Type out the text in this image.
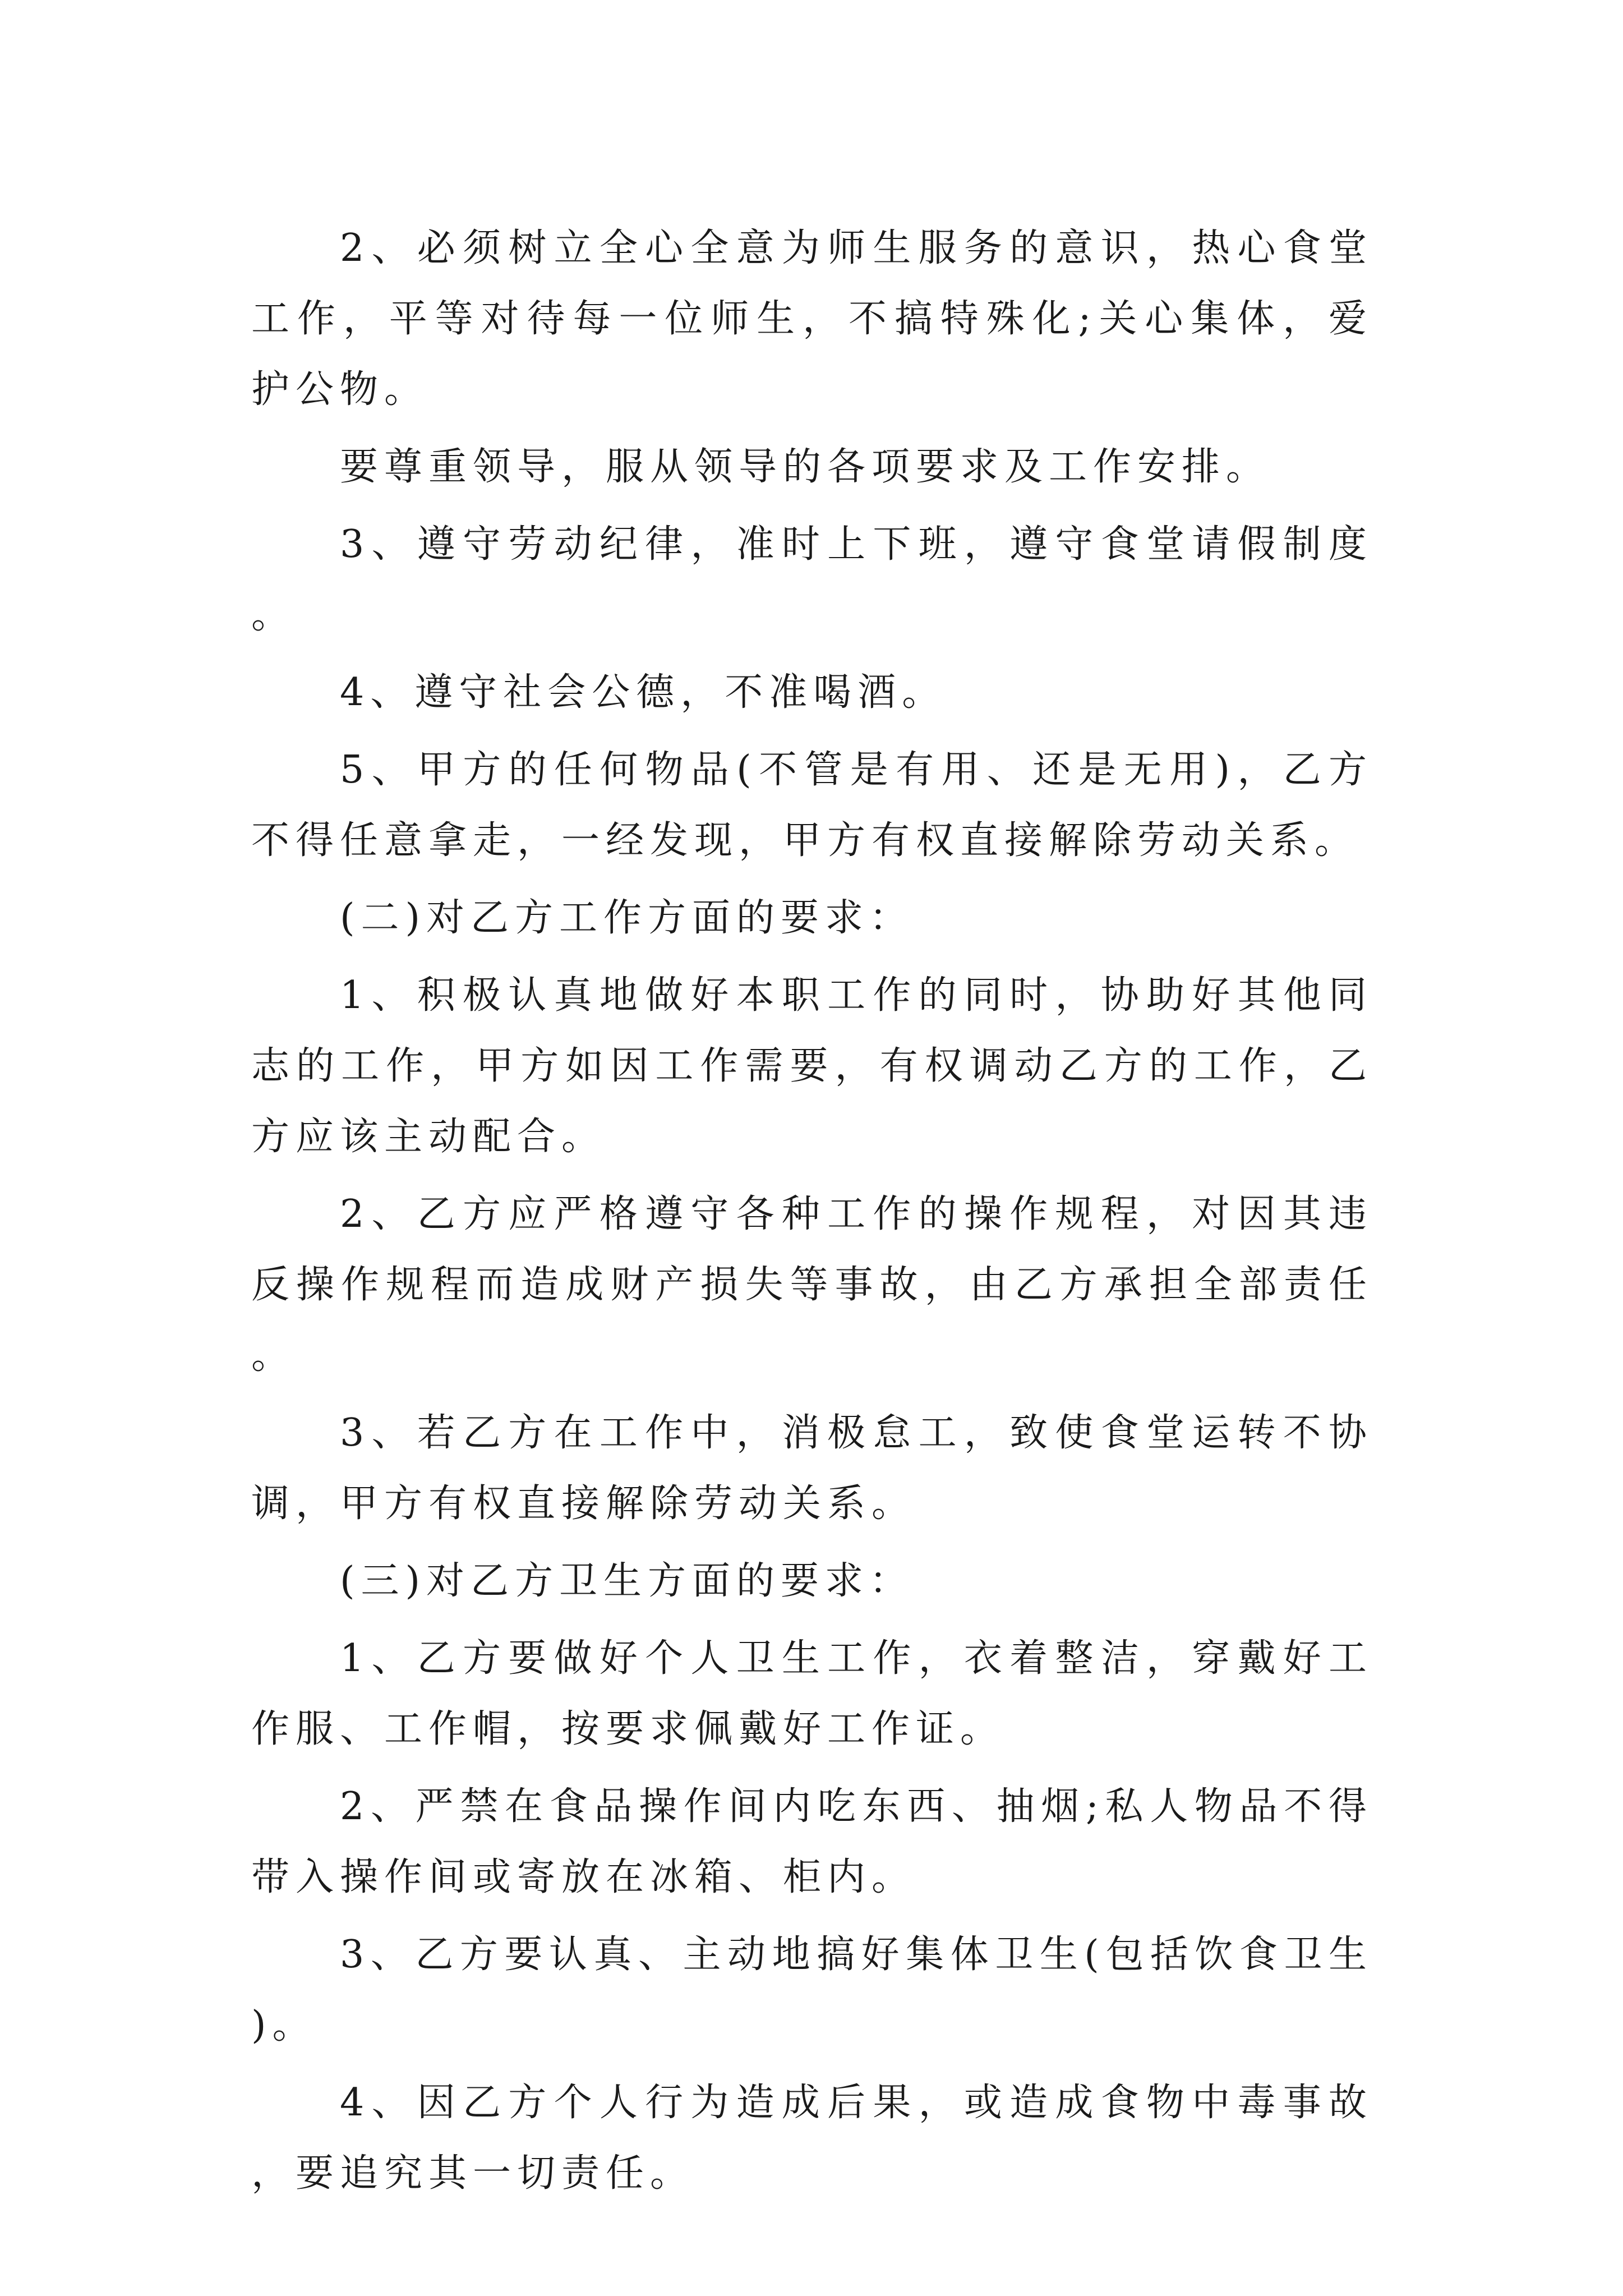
2、必须树立全心全意为师生服务的意识，热心食堂工作，平等对待每一位师生，不搞特殊化;关心集体，爱护公物。

要尊重领导，服从领导的各项要求及工作安排。

3、遵守劳动纪律，准时上下班，遵守食堂请假制度。

4、遵守社会公德，不准喝酒。

5、甲方的任何物品(不管是有用、还是无用)，乙方不得任意拿走，一经发现，甲方有权直接解除劳动关系。

(二)对乙方工作方面的要求：

1、积极认真地做好本职工作的同时，协助好其他同志的工作，甲方如因工作需要，有权调动乙方的工作，乙方应该主动配合。

2、乙方应严格遵守各种工作的操作规程，对因其违反操作规程而造成财产损失等事故，由乙方承担全部责任。

3、若乙方在工作中，消极怠工，致使食堂运转不协调，甲方有权直接解除劳动关系。

(三)对乙方卫生方面的要求：

1、乙方要做好个人卫生工作，衣着整洁，穿戴好工作服、工作帽，按要求佩戴好工作证。

2、严禁在食品操作间内吃东西、抽烟;私人物品不得带入操作间或寄放在冰箱、柜内。

3、乙方要认真、主动地搞好集体卫生(包括饮食卫生)。

4、因乙方个人行为造成后果，或造成食物中毒事故，要追究其一切责任。
